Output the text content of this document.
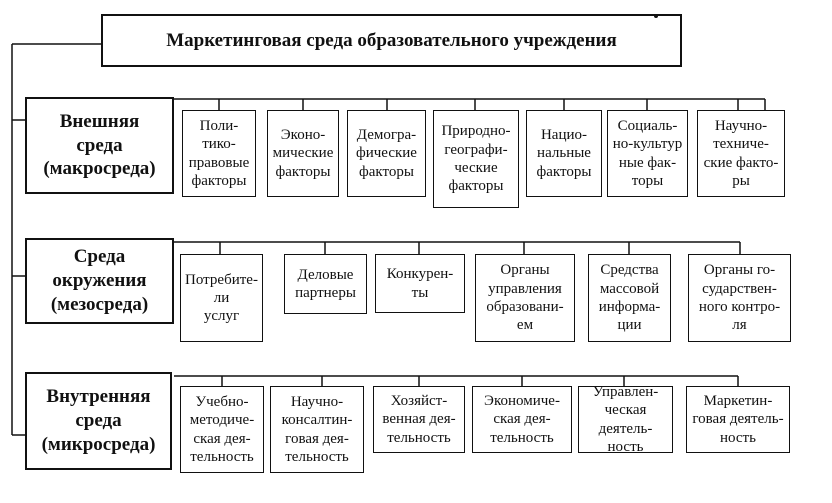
Маркетинговая среда образовательного учреждения
Внешняя
среда
(макросреда)
Поли-
тико-
правовые
факторы
Эконо-
мические
факторы
Демогра-
фические
факторы
Природно-
географи-
ческие
факторы
Нацио-
нальные
факторы
Социаль-
но-культур
ные фак-
торы
Научно-
техниче-
ские факто-
ры
Среда
окружения
(мезосреда)
Потребите-
ли
услуг
Деловые
партнеры
Конкурен-
ты
Органы
управления
образовани-
ем
Средства
массовой
информа-
ции
Органы го-
сударствен-
ного контро-
ля
Внутренняя
среда
(микросреда)
Учебно-
методиче-
ская дея-
тельность
Научно-
консалтин-
говая дея-
тельность
Хозяйст-
венная дея-
тельность
Экономиче-
ская дея-
тельность
Управлен-
ческая деятель-
ность
Маркетин-
говая деятель-
ность
